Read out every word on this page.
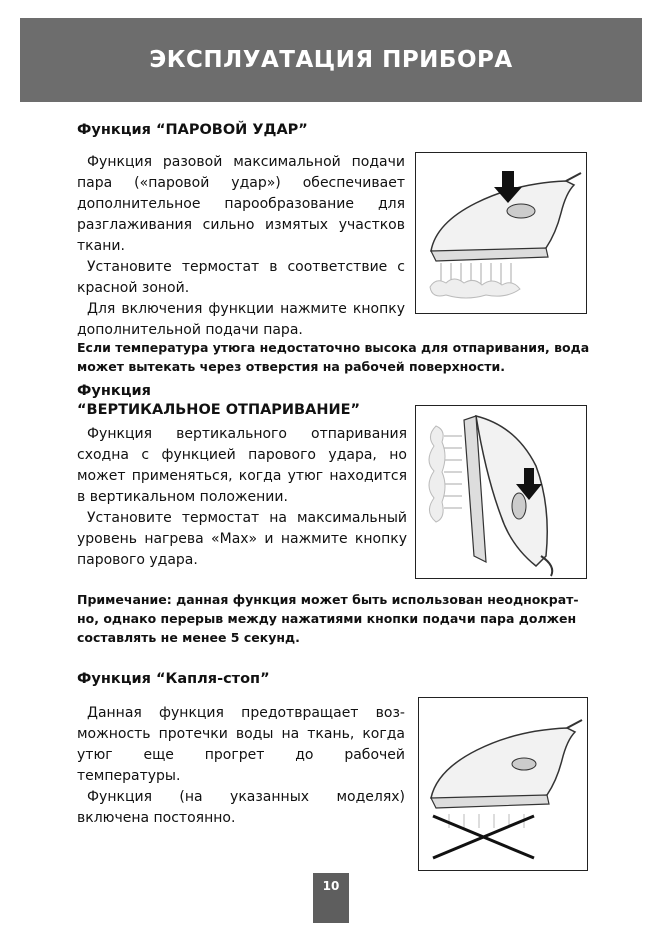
ЭКСПЛУАТАЦИЯ ПРИБОРА
Функция “ПАРОВОЙ УДАР”

Функция разовой максимальной подачи пара («паровой удар») обеспечивает дополнительное парообразование для разглаживания сильно измятых участков ткани.

Установите термостат в соответствие с красной зоной.

Для включения функции нажмите кнопку дополнительной подачи пара.

Если температура утюга недостаточно высока для отпаривания, вода может вытекать через отверстия на рабочей поверхности.
Функция
“ВЕРТИКАЛЬНОЕ ОТПАРИВАНИЕ”

Функция вертикального отпаривания сходна с функцией парового удара, но может применяться, когда утюг находится в вертикальном положении.

Установите термостат на максимальный уровень нагрева «Max» и нажмите кнопку парового удара.

Примечание: данная функция может быть использован неоднократ-но, однако перерыв между нажатиями кнопки подачи пара должен составлять не менее 5 секунд.
Функция “Капля-стоп”

Данная функция предотвращает воз-можность протечки воды на ткань, когда утюг еще прогрет до рабочей температуры.

Функция (на указанных моделях) включена постоянно.

10
